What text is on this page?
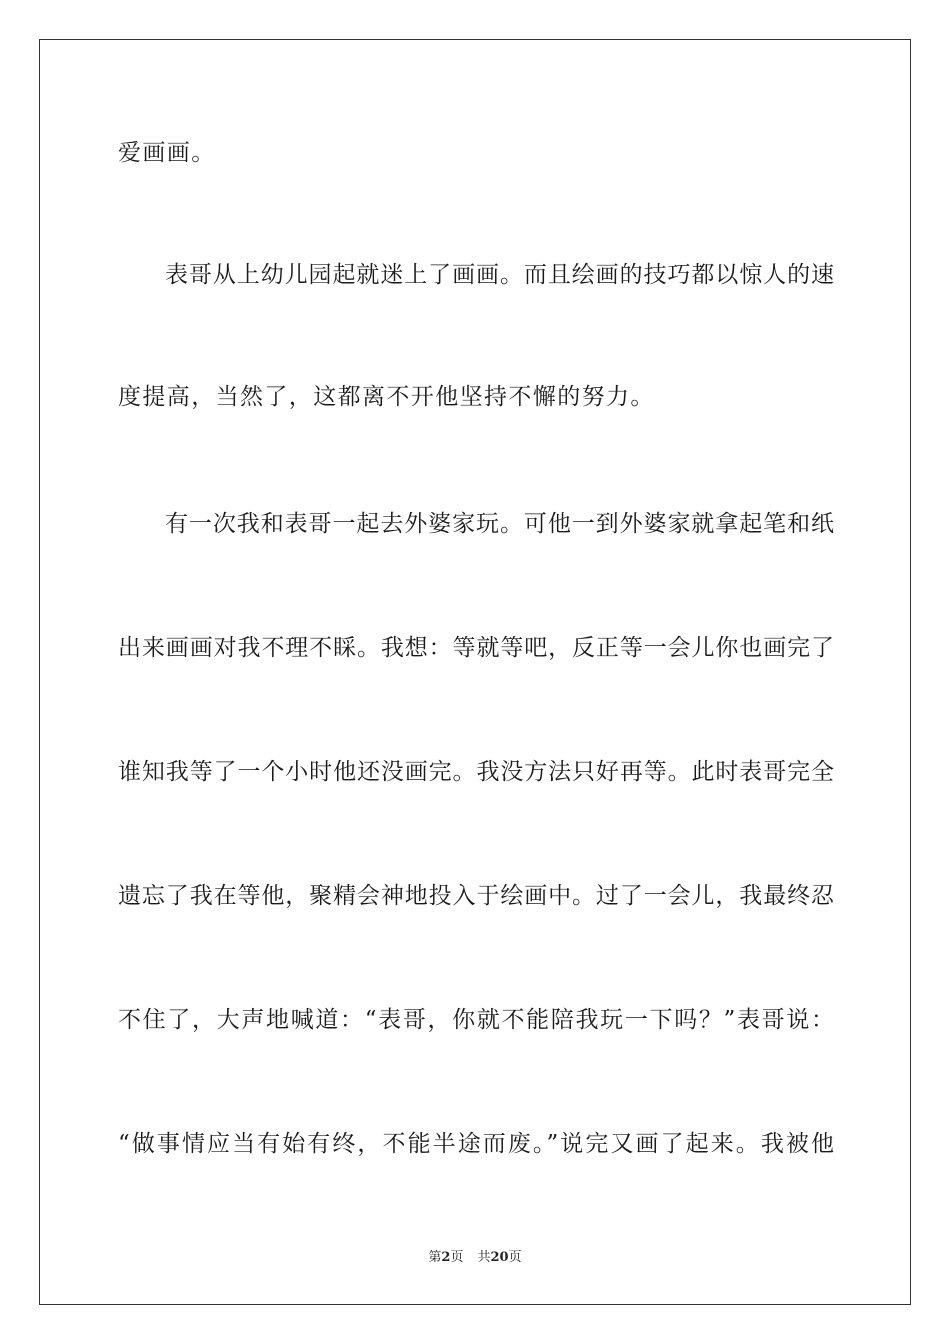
爱画画。
表哥从上幼儿园起就迷上了画画。而且绘画的技巧都以惊人的速
度提高，当然了，这都离不开他坚持不懈的努力。
有一次我和表哥一起去外婆家玩。可他一到外婆家就拿起笔和纸
出来画画对我不理不睬。我想：等就等吧，反正等一会儿你也画完了
谁知我等了一个小时他还没画完。我没方法只好再等。此时表哥完全
遗忘了我在等他，聚精会神地投入于绘画中。过了一会儿，我最终忍
不住了，大声地喊道：“表哥，你就不能陪我玩一下吗？”表哥说：
“做事情应当有始有终，不能半途而废。”说完又画了起来。我被他
第2页 共20页
